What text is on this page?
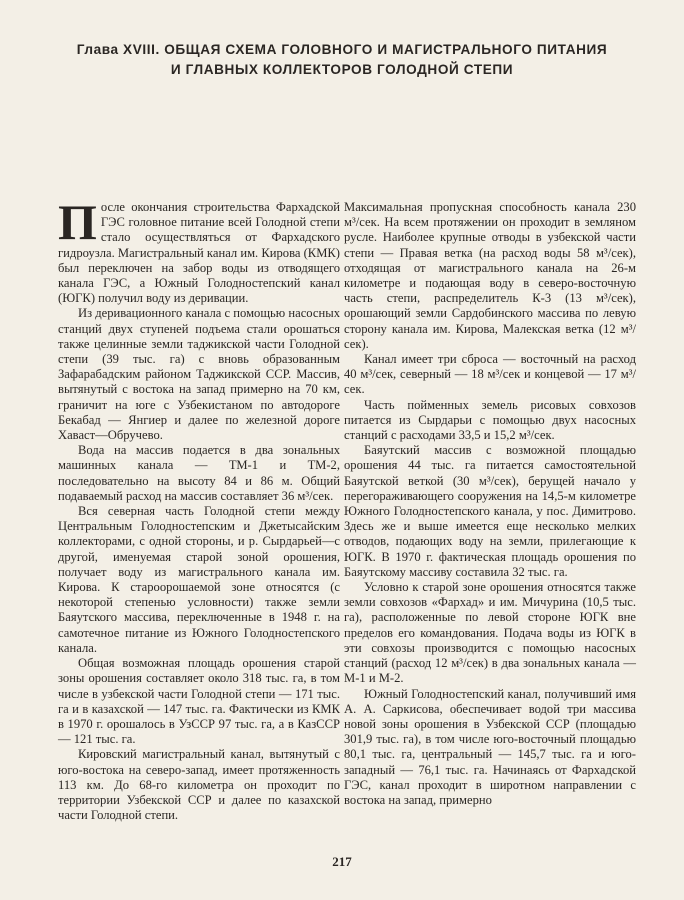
Глава XVIII. ОБЩАЯ СХЕМА ГОЛОВНОГО И МАГИСТРАЛЬНОГО ПИТАНИЯ
И ГЛАВНЫХ КОЛЛЕКТОРОВ ГОЛОДНОЙ СТЕПИ

После окончания строительства Фархадской ГЭС головное питание всей Голодной степи стало осуществляться от Фархадского гидроузла. Магистральный канал им. Кирова (КМК) был переключен на забор воды из отводящего канала ГЭС, а Южный Голодностепский канал (ЮГК) получил воду из деривации.

Из деривационного канала с помощью насосных станций двух ступеней подъема стали орошаться также целинные земли таджикской части Голодной степи (39 тыс. га) с вновь образованным Зафарабадским районом Таджикской ССР. Массив, вытянутый с востока на запад примерно на 70 км, граничит на юге с Узбекистаном по автодороге Бекабад — Янгиер и далее по железной дороге Хаваст—Обручево.

Вода на массив подается в два зональных машинных канала — ТМ-1 и ТМ-2, последовательно на высоту 84 и 86 м. Общий подаваемый расход на массив составляет 36 м³/сек.

Вся северная часть Голодной степи между Центральным Голодностепским и Джетысайским коллекторами, с одной стороны, и р. Сырдарьей—с другой, именуемая старой зоной орошения, получает воду из магистрального канала им. Кирова. К староорошаемой зоне относятся (с некоторой степенью условности) также земли Баяутского массива, переключенные в 1948 г. на самотечное питание из Южного Голодностепского канала.

Общая возможная площадь орошения старой зоны орошения составляет около 318 тыс. га, в том числе в узбекской части Голодной степи — 171 тыс. га и в казахской — 147 тыс. га. Фактически из КМК в 1970 г. орошалось в УзССР 97 тыс. га, а в КазССР — 121 тыс. га.

Кировский магистральный канал, вытянутый с юго-востока на северо-запад, имеет протяженность 113 км. До 68-го километра он проходит по территории Узбекской ССР и далее по казахской части Голодной степи.

Максимальная пропускная способность канала 230 м³/сек. На всем протяжении он проходит в земляном русле. Наиболее крупные отводы в узбекской части степи — Правая ветка (на расход воды 58 м³/сек), отходящая от магистрального канала на 26-м километре и подающая воду в северо-восточную часть степи, распределитель К-3 (13 м³/сек), орошающий земли Сардобинского массива по левую сторону канала им. Кирова, Малекская ветка (12 м³/сек).

Канал имеет три сброса — восточный на расход 40 м³/сек, северный — 18 м³/сек и концевой — 17 м³/сек.

Часть пойменных земель рисовых совхозов питается из Сырдарьи с помощью двух насосных станций с расходами 33,5 и 15,2 м³/сек.

Баяутский массив с возможной площадью орошения 44 тыс. га питается самостоятельной Баяутской веткой (30 м³/сек), берущей начало у перегораживающего сооружения на 14,5-м километре Южного Голодностепского канала, у пос. Димитрово. Здесь же и выше имеется еще несколько мелких отводов, подающих воду на земли, прилегающие к ЮГК. В 1970 г. фактическая площадь орошения по Баяутскому массиву составила 32 тыс. га.

Условно к старой зоне орошения относятся также земли совхозов «Фархад» и им. Мичурина (10,5 тыс. га), расположенные по левой стороне ЮГК вне пределов его командования. Подача воды из ЮГК в эти совхозы производится с помощью насосных станций (расход 12 м³/сек) в два зональных канала — М-1 и М-2.

Южный Голодностепский канал, получивший имя А. А. Саркисова, обеспечивает водой три массива новой зоны орошения в Узбекской ССР (площадью 301,9 тыс. га), в том числе юго-восточный площадью 80,1 тыс. га, центральный — 145,7 тыс. га и юго-западный — 76,1 тыс. га. Начинаясь от Фархадской ГЭС, канал проходит в широтном направлении с востока на запад, примерно

217
